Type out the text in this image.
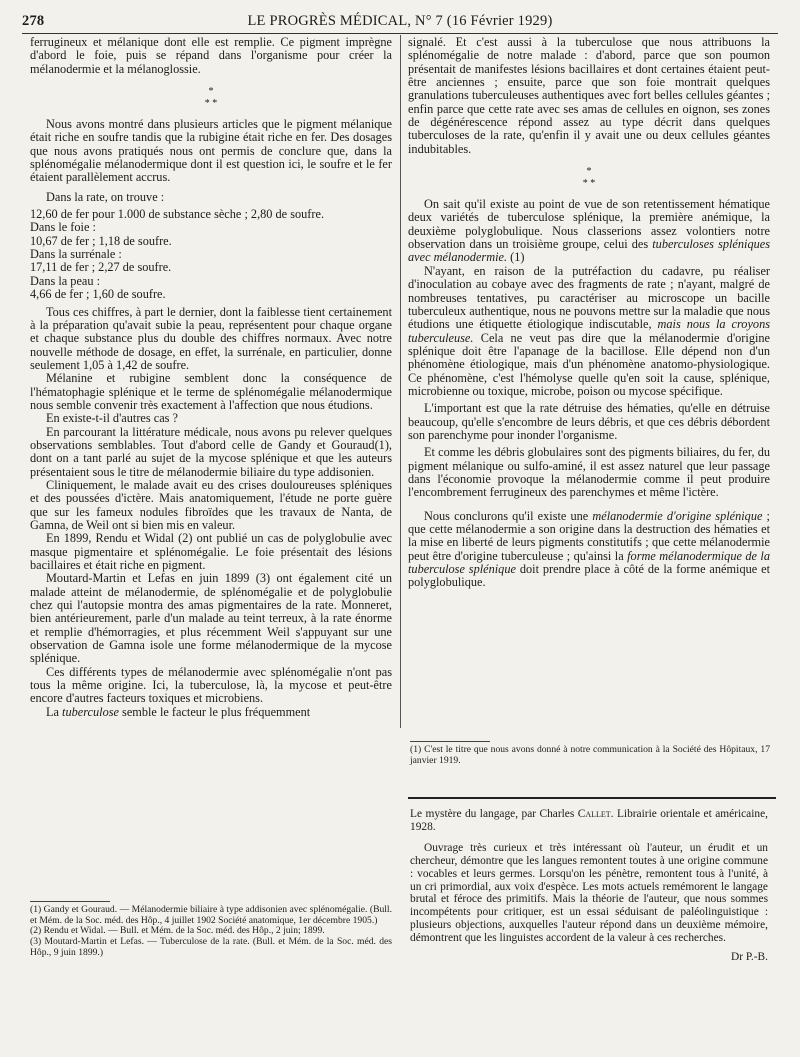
278	LE PROGRÈS MÉDICAL, N° 7 (16 Février 1929)

ferrugineux et mélanique dont elle est remplie. Ce pigment imprègne d'abord le foie, puis se répand dans l'organisme pour créer la mélanodermie et la mélanoglossie.

*
* *

Nous avons montré dans plusieurs articles que le pigment mélanique était riche en soufre tandis que la rubigine était riche en fer. Des dosages que nous avons pratiqués nous ont permis de conclure que, dans la splénomégalie mélanodermique dont il est question ici, le soufre et le fer étaient parallèlement accrus.

Dans la rate, on trouve :

12,60 de fer pour 1.000 de substance sèche ; 2,80 de soufre.

Dans le foie :

10,67 de fer ; 1,18 de soufre.

Dans la surrénale :

17,11 de fer ; 2,27 de soufre.

Dans la peau :

4,66 de fer ; 1,60 de soufre.

Tous ces chiffres, à part le dernier, dont la faiblesse tient certainement à la préparation qu'avait subie la peau, représentent pour chaque organe et chaque substance plus du double des chiffres normaux. Avec notre nouvelle méthode de dosage, en effet, la surrénale, en particulier, donne seulement 1,05 à 1,42 de soufre.

Mélanine et rubigine semblent donc la conséquence de l'hématophagie splénique et le terme de splénomégalie mélanodermique nous semble convenir très exactement à l'affection que nous étudions.

En existe-t-il d'autres cas ?

En parcourant la littérature médicale, nous avons pu relever quelques observations semblables. Tout d'abord celle de Gandy et Gouraud(1), dont on a tant parlé au sujet de la mycose splénique et que les auteurs présentaient sous le titre de mélanodermie biliaire du type addisonien.

Cliniquement, le malade avait eu des crises douloureuses spléniques et des poussées d'ictère. Mais anatomiquement, l'étude ne porte guère que sur les fameux nodules fibroïdes que les travaux de Nanta, de Gamna, de Weil ont si bien mis en valeur.

En 1899, Rendu et Widal (2) ont publié un cas de polyglobulie avec masque pigmentaire et splénomégalie. Le foie présentait des lésions bacillaires et était riche en pigment.

Moutard-Martin et Lefas en juin 1899 (3) ont également cité un malade atteint de mélanodermie, de splénomégalie et de polyglobulie chez qui l'autopsie montra des amas pigmentaires de la rate. Monneret, bien antérieurement, parle d'un malade au teint terreux, à la rate énorme et remplie d'hémorragies, et plus récemment Weil s'appuyant sur une observation de Gamna isole une forme mélanodermique de la mycose splénique.

Ces différents types de mélanodermie avec splénomégalie n'ont pas tous la même origine. Ici, la tuberculose, là, la mycose et peut-être encore d'autres facteurs toxiques et microbiens.

La tuberculose semble le facteur le plus fréquemment

(1) Gandy et Gouraud. — Mélanodermie biliaire à type addisonien avec splénomégalie. (Bull. et Mém. de la Soc. méd. des Hôp., 4 juillet 1902 Société anatomique, 1er décembre 1905.)

(2) Rendu et Widal. — Bull. et Mém. de la Soc. méd. des Hôp., 2 juin; 1899.

(3) Moutard-Martin et Lefas. — Tuberculose de la rate. (Bull. et Mém. de la Soc. méd. des Hôp., 9 juin 1899.)

signalé. Et c'est aussi à la tuberculose que nous attribuons la splénomégalie de notre malade : d'abord, parce que son poumon présentait de manifestes lésions bacillaires et dont certaines étaient peut-être anciennes ; ensuite, parce que son foie montrait quelques granulations tuberculeuses authentiques avec fort belles cellules géantes ; enfin parce que cette rate avec ses amas de cellules en oignon, ses zones de dégénérescence répond assez au type décrit dans quelques tuberculoses de la rate, qu'enfin il y avait une ou deux cellules géantes indubitables.

*
* *

On sait qu'il existe au point de vue de son retentissement hématique deux variétés de tuberculose splénique, la première anémique, la deuxième polyglobulique. Nous classerions assez volontiers notre observation dans un troisième groupe, celui des tuberculoses spléniques avec mélanodermie. (1)

N'ayant, en raison de la putréfaction du cadavre, pu réaliser d'inoculation au cobaye avec des fragments de rate ; n'ayant, malgré de nombreuses tentatives, pu caractériser au microscope un bacille tuberculeux authentique, nous ne pouvons mettre sur la maladie que nous étudions une étiquette étiologique indiscutable, mais nous la croyons tuberculeuse. Cela ne veut pas dire que la mélanodermie d'origine splénique doit être l'apanage de la bacillose. Elle dépend non d'un phénomène étiologique, mais d'un phénomène anatomo-physiologique. Ce phénomène, c'est l'hémolyse quelle qu'en soit la cause, splénique, microbienne ou toxique, microbe, poison ou mycose spécifique.

L'important est que la rate détruise des hématies, qu'elle en détruise beaucoup, qu'elle s'encombre de leurs débris, et que ces débris débordent son parenchyme pour inonder l'organisme.

Et comme les débris globulaires sont des pigments biliaires, du fer, du pigment mélanique ou sulfo-aminé, il est assez naturel que leur passage dans l'économie provoque la mélanodermie comme il peut produire l'encombrement ferrugineux des parenchymes et même l'ictère.

Nous conclurons qu'il existe une mélanodermie d'origine splénique ; que cette mélanodermie a son origine dans la destruction des hématies et la mise en liberté de leurs pigments constitutifs ; que cette mélanodermie peut être d'origine tuberculeuse ; qu'ainsi la forme mélanodermique de la tuberculose splénique doit prendre place à côté de la forme anémique et polyglobulique.

(1) C'est le titre que nous avons donné à notre communication à la Société des Hôpitaux, 17 janvier 1919.

Le mystère du langage, par Charles Callet. Librairie orientale et américaine, 1928.

Ouvrage très curieux et très intéressant où l'auteur, un érudit et un chercheur, démontre que les langues remontent toutes à une origine commune : vocables et leurs germes. Lorsqu'on les pénètre, remontent tous à l'unité, à un cri primordial, aux voix d'espèce. Les mots actuels remémorent le langage brutal et féroce des primitifs. Mais la théorie de l'auteur, que nous sommes incompétents pour critiquer, est un essai séduisant de paléolinguistique : plusieurs objections, auxquelles l'auteur répond dans un deuxième mémoire, démontrent que les linguistes accordent de la valeur à ces recherches.

Dr P.-B.
